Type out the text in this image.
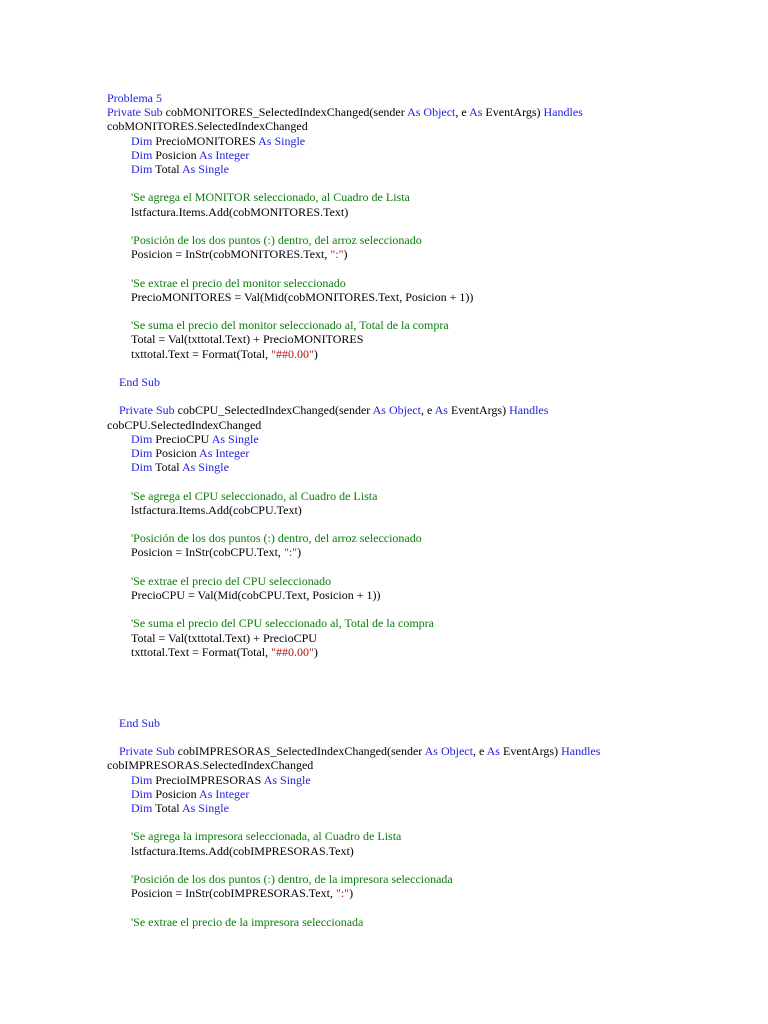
Problema 5
Private Sub cobMONITORES_SelectedIndexChanged(sender As Object, e As EventArgs) Handles
cobMONITORES.SelectedIndexChanged
Dim PrecioMONITORES As Single
Dim Posicion As Integer
Dim Total As Single
'Se agrega el MONITOR seleccionado, al Cuadro de Lista
lstfactura.Items.Add(cobMONITORES.Text)
'Posición de los dos puntos (:) dentro, del arroz seleccionado
Posicion = InStr(cobMONITORES.Text, ":")
'Se extrae el precio del monitor seleccionado
PrecioMONITORES = Val(Mid(cobMONITORES.Text, Posicion + 1))
'Se suma el precio del monitor seleccionado al, Total de la compra
Total = Val(txttotal.Text) + PrecioMONITORES
txttotal.Text = Format(Total, "##0.00")
End Sub
Private Sub cobCPU_SelectedIndexChanged(sender As Object, e As EventArgs) Handles
cobCPU.SelectedIndexChanged
Dim PrecioCPU As Single
Dim Posicion As Integer
Dim Total As Single
'Se agrega el CPU seleccionado, al Cuadro de Lista
lstfactura.Items.Add(cobCPU.Text)
'Posición de los dos puntos (:) dentro, del arroz seleccionado
Posicion = InStr(cobCPU.Text, ":")
'Se extrae el precio del CPU seleccionado
PrecioCPU = Val(Mid(cobCPU.Text, Posicion + 1))
'Se suma el precio del CPU seleccionado al, Total de la compra
Total = Val(txttotal.Text) + PrecioCPU
txttotal.Text = Format(Total, "##0.00")
End Sub
Private Sub cobIMPRESORAS_SelectedIndexChanged(sender As Object, e As EventArgs) Handles
cobIMPRESORAS.SelectedIndexChanged
Dim PrecioIMPRESORAS As Single
Dim Posicion As Integer
Dim Total As Single
'Se agrega la impresora seleccionada, al Cuadro de Lista
lstfactura.Items.Add(cobIMPRESORAS.Text)
'Posición de los dos puntos (:) dentro, de la impresora seleccionada
Posicion = InStr(cobIMPRESORAS.Text, ":")
'Se extrae el precio de la impresora seleccionada
